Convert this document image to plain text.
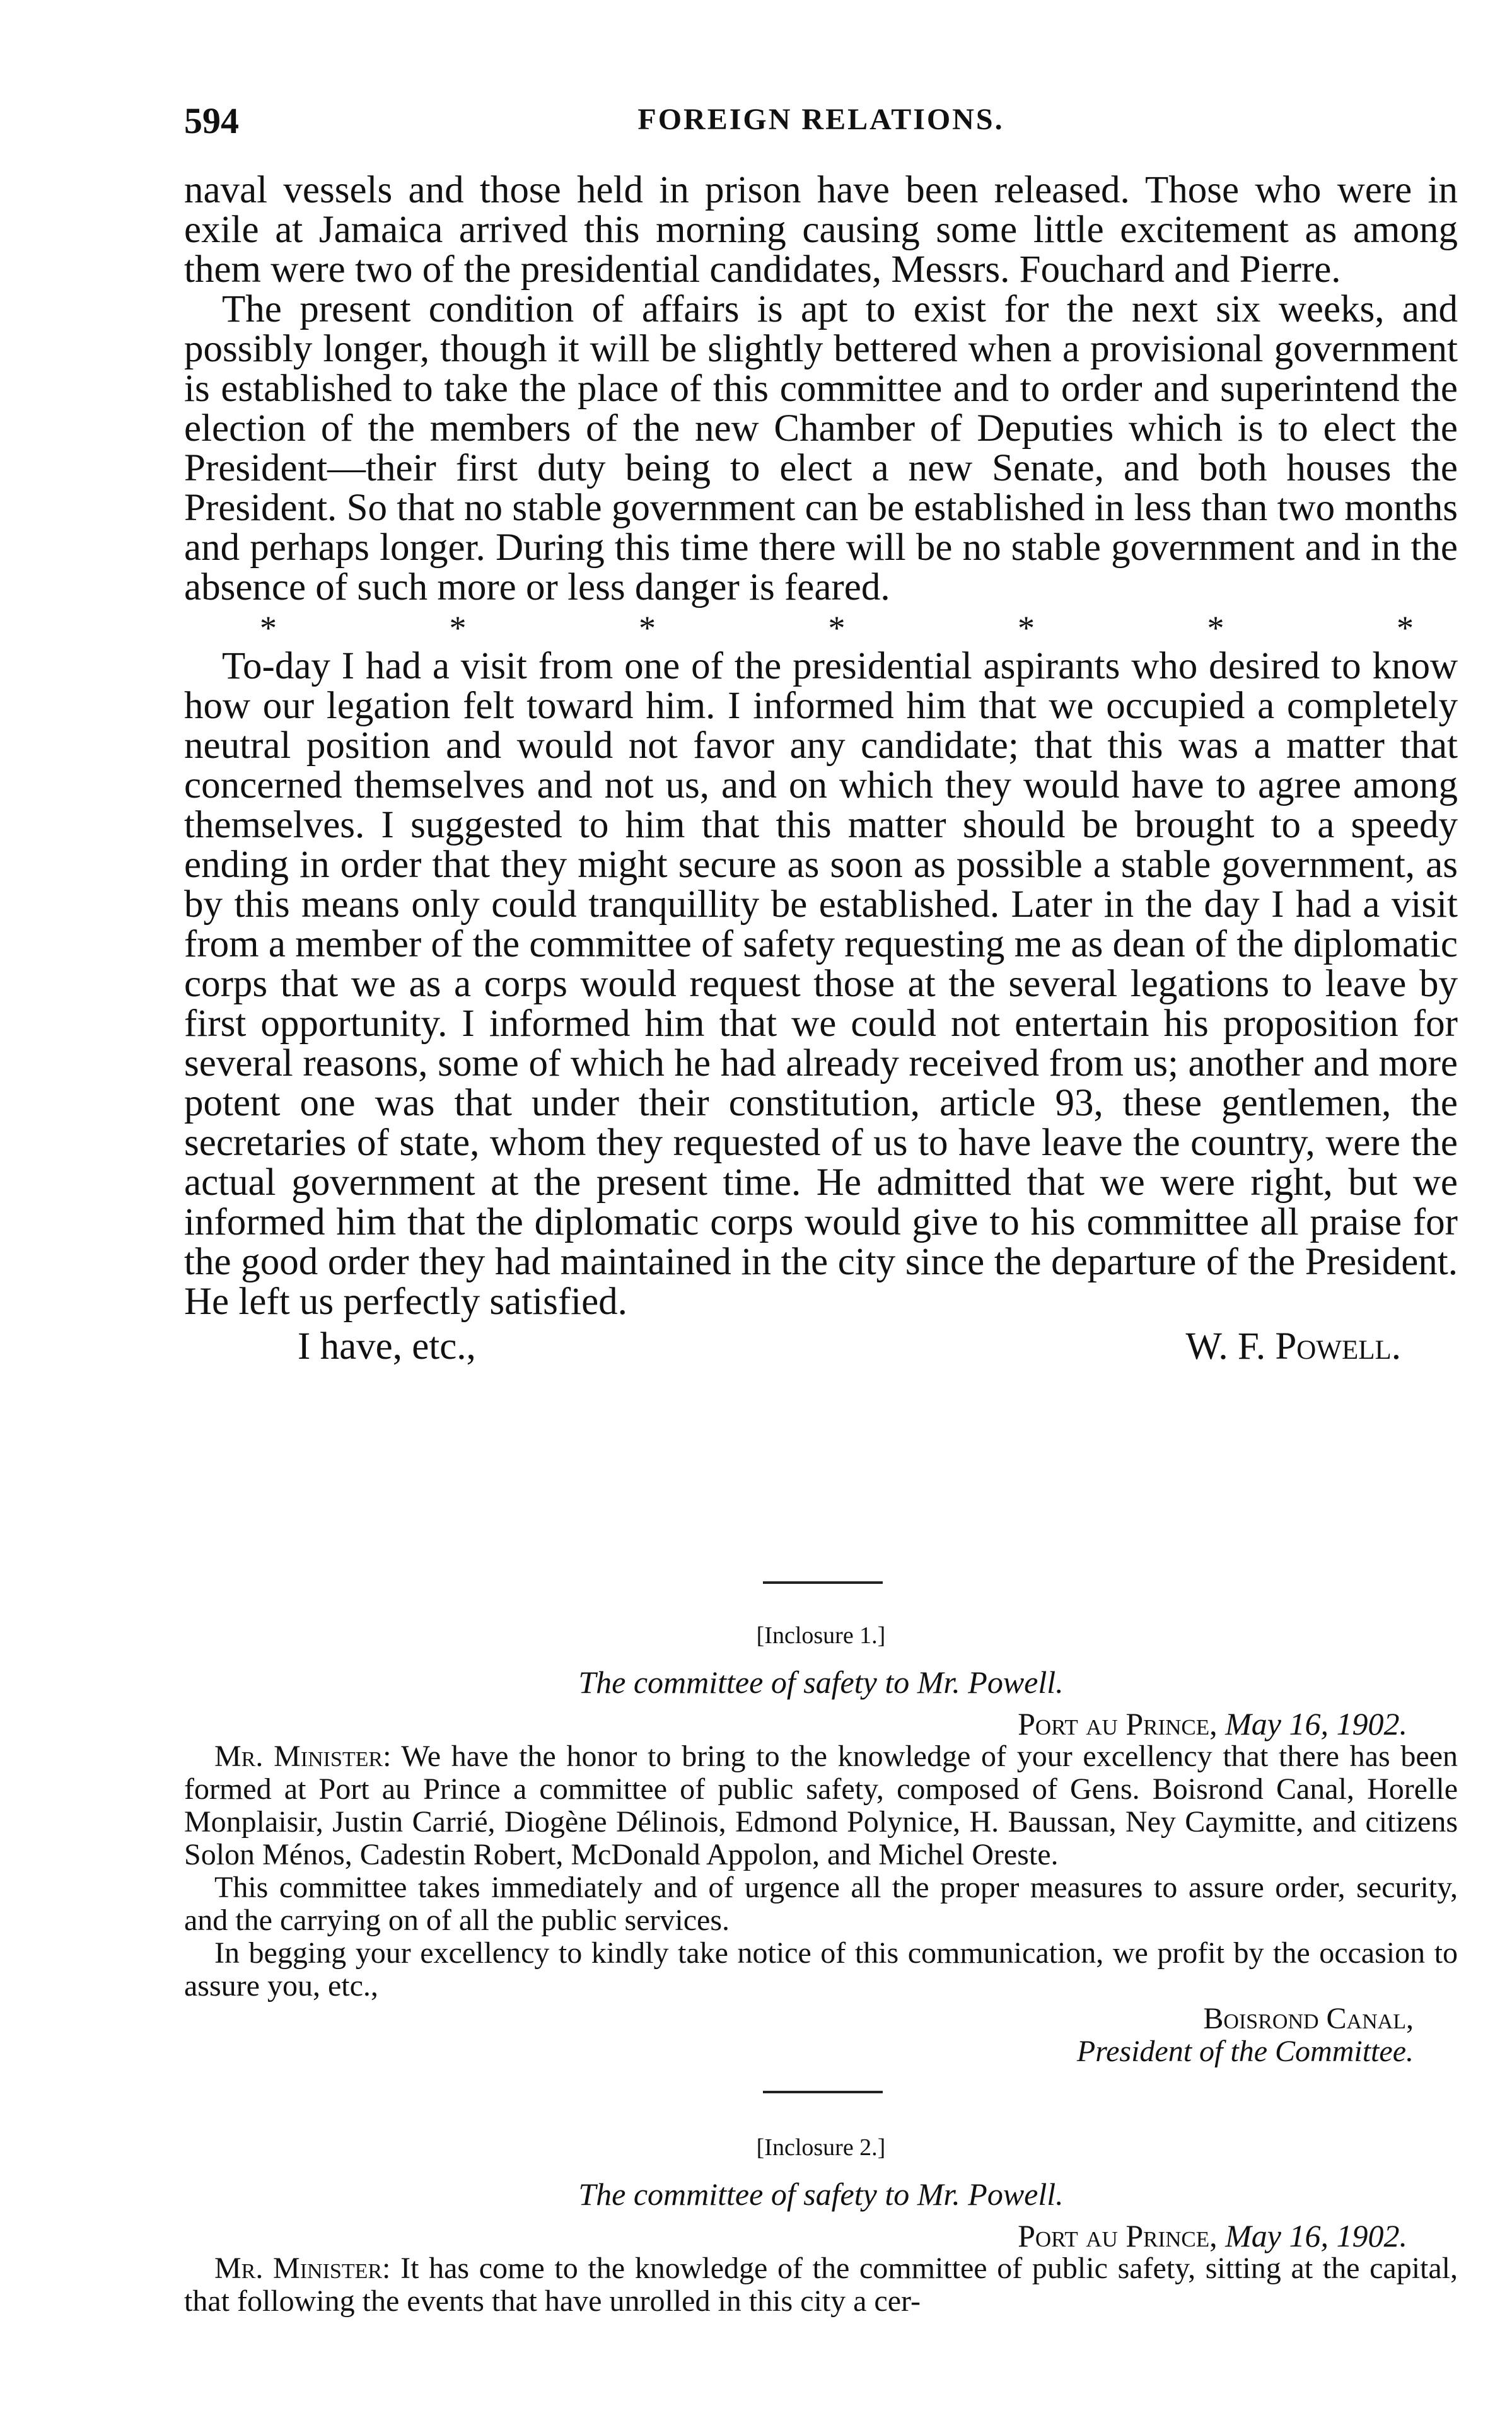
594	FOREIGN RELATIONS.

naval vessels and those held in prison have been released. Those who were in exile at Jamaica arrived this morning causing some little excitement as among them were two of the presidential candidates, Messrs. Fouchard and Pierre.

The present condition of affairs is apt to exist for the next six weeks, and possibly longer, though it will be slightly bettered when a provisional government is established to take the place of this committee and to order and superintend the election of the members of the new Chamber of Deputies which is to elect the President—their first duty being to elect a new Senate, and both houses the President. So that no stable government can be established in less than two months and perhaps longer. During this time there will be no stable government and in the absence of such more or less danger is feared.

*	*	*	*	*	*	*

To-day I had a visit from one of the presidential aspirants who desired to know how our legation felt toward him. I informed him that we occupied a completely neutral position and would not favor any candidate; that this was a matter that concerned themselves and not us, and on which they would have to agree among themselves. I suggested to him that this matter should be brought to a speedy ending in order that they might secure as soon as possible a stable government, as by this means only could tranquillity be established. Later in the day I had a visit from a member of the committee of safety requesting me as dean of the diplomatic corps that we as a corps would request those at the several legations to leave by first opportunity. I informed him that we could not entertain his proposition for several reasons, some of which he had already received from us; another and more potent one was that under their constitution, article 93, these gentlemen, the secretaries of state, whom they requested of us to have leave the country, were the actual government at the present time. He admitted that we were right, but we informed him that the diplomatic corps would give to his committee all praise for the good order they had maintained in the city since the departure of the President. He left us perfectly satisfied.

I have, etc.,	W. F. Powell.
[Inclosure 1.]
The committee of safety to Mr. Powell.
Port au Prince, May 16, 1902.

Mr. Minister: We have the honor to bring to the knowledge of your excellency that there has been formed at Port au Prince a committee of public safety, composed of Gens. Boisrond Canal, Horelle Monplaisir, Justin Carrié, Diogène Délinois, Edmond Polynice, H. Baussan, Ney Caymitte, and citizens Solon Ménos, Cadestin Robert, McDonald Appolon, and Michel Oreste.

This committee takes immediately and of urgence all the proper measures to assure order, security, and the carrying on of all the public services.

In begging your excellency to kindly take notice of this communication, we profit by the occasion to assure you, etc.,

Boisrond Canal,
President of the Committee.
[Inclosure 2.]
The committee of safety to Mr. Powell.
Port au Prince, May 16, 1902.

Mr. Minister: It has come to the knowledge of the committee of public safety, sitting at the capital, that following the events that have unrolled in this city a cer-
